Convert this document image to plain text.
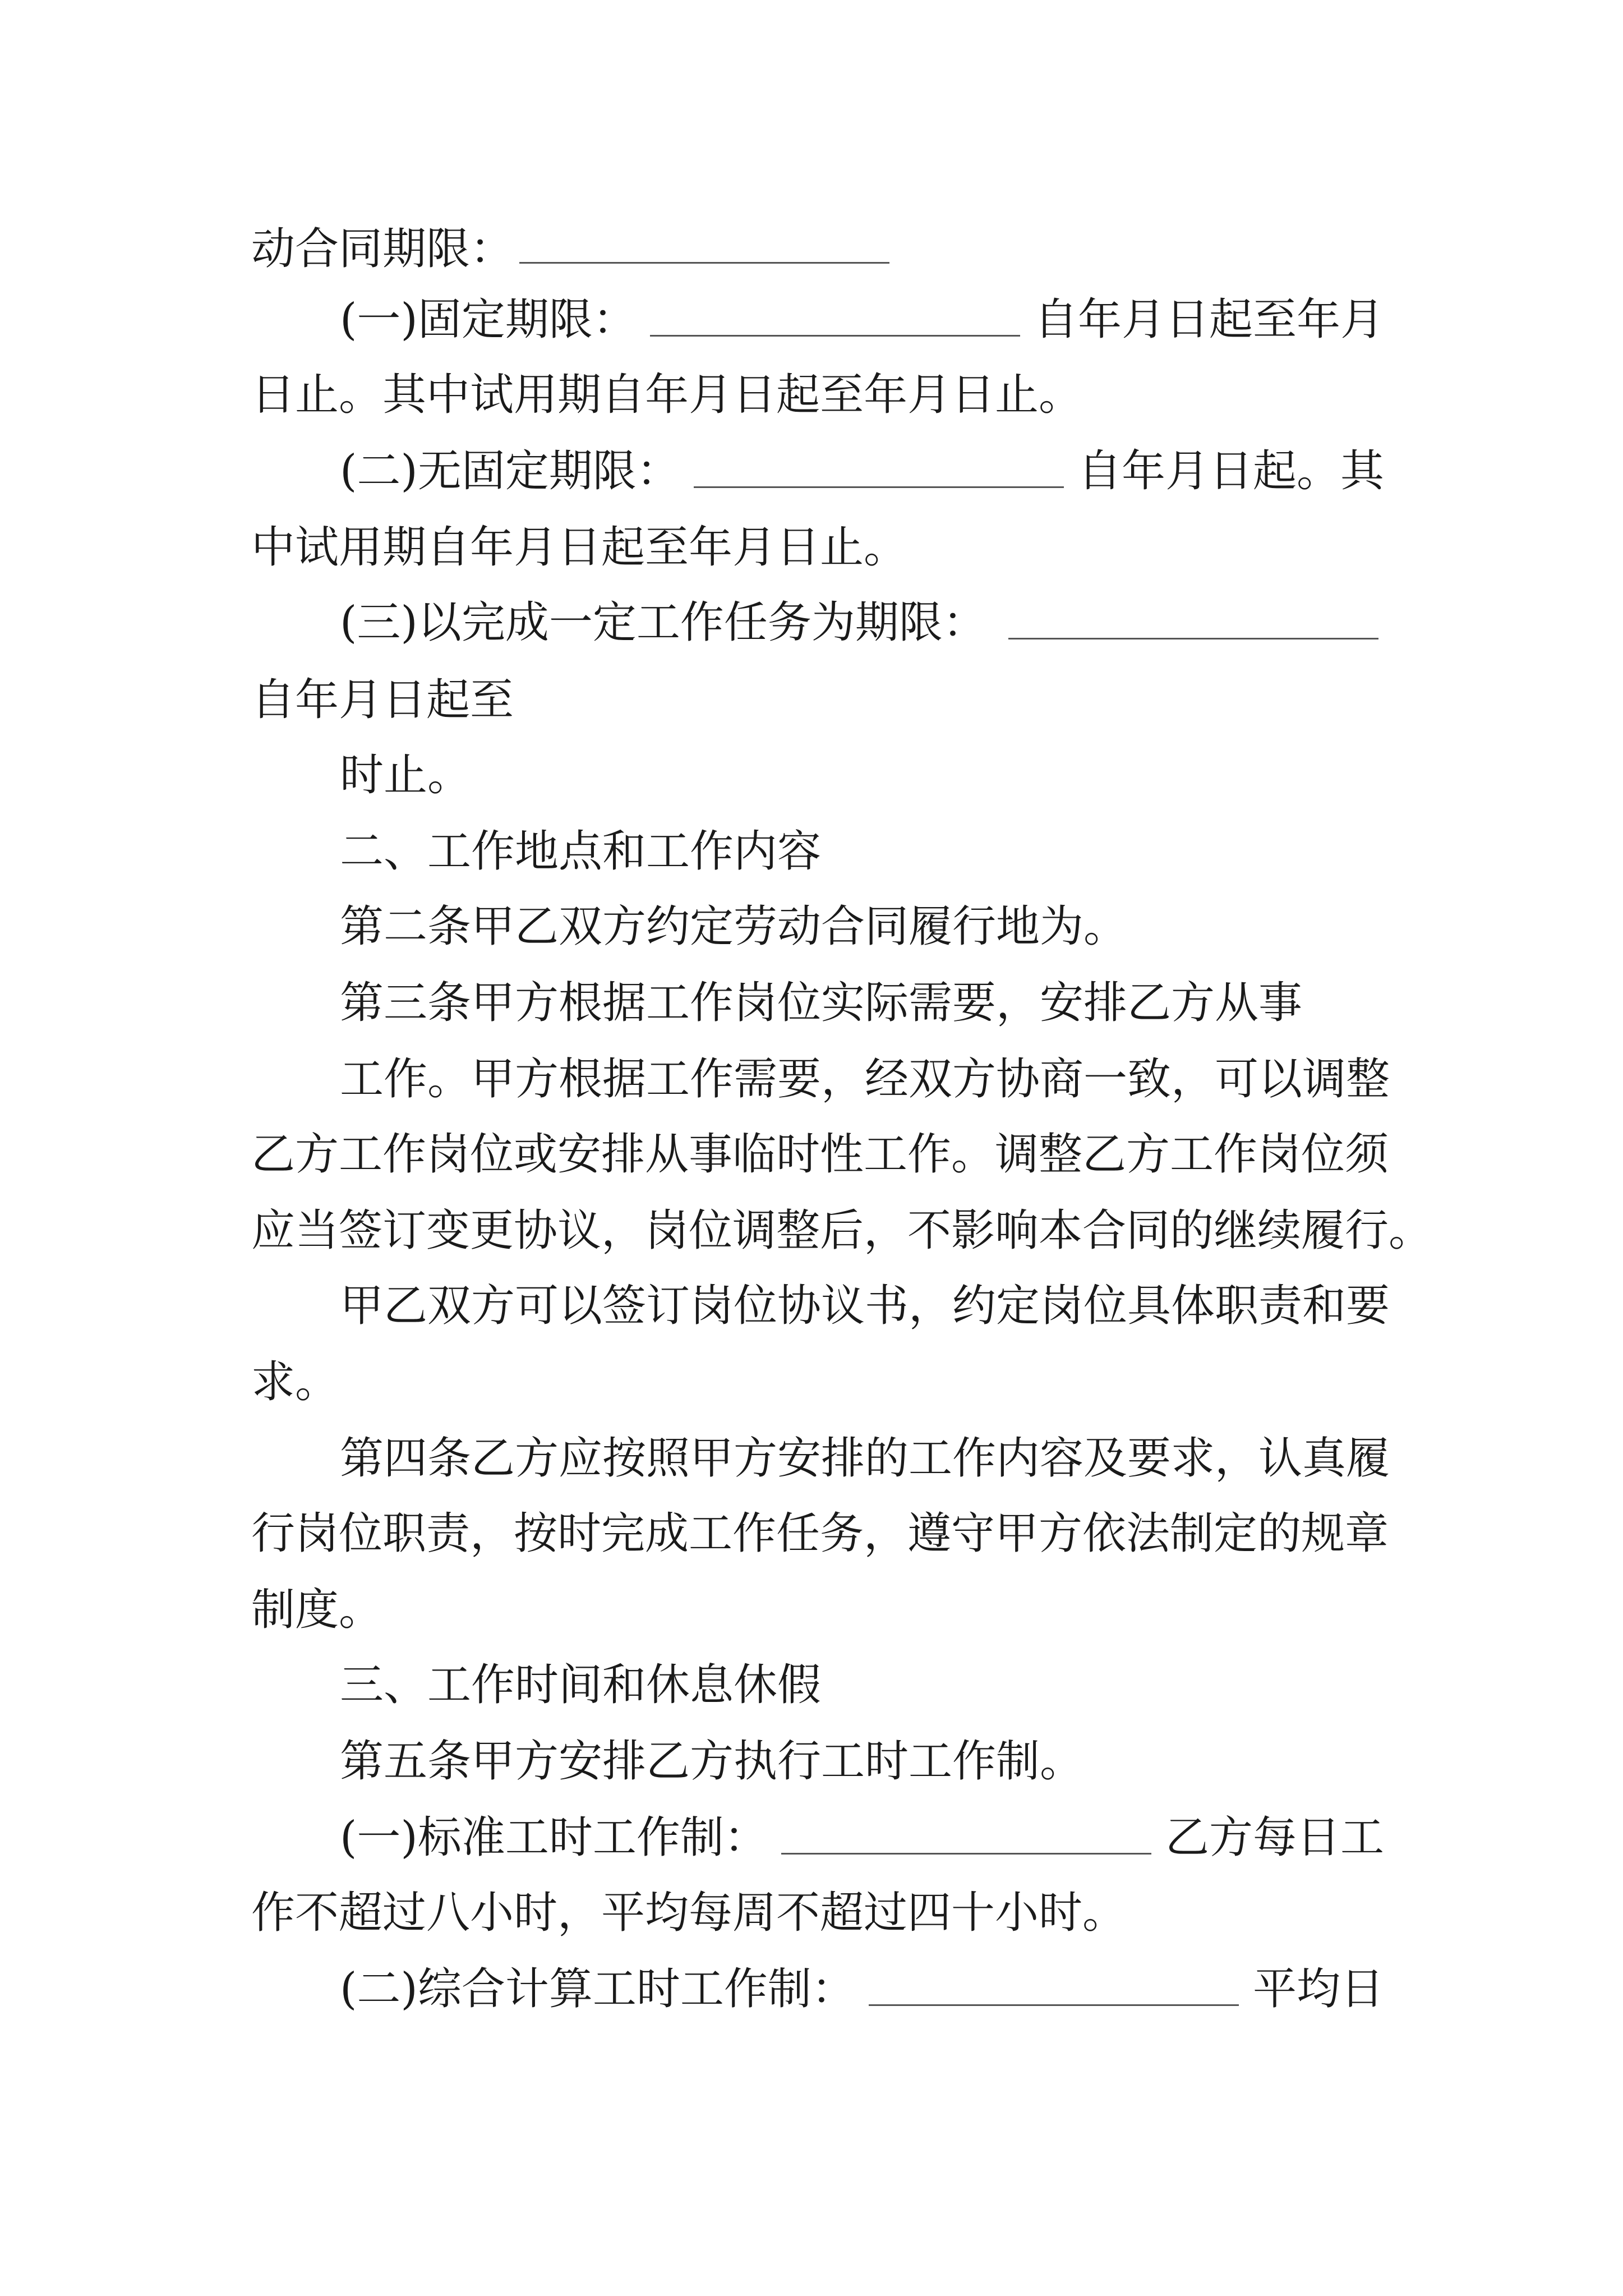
动合同期限：
(一)固定期限：	自年月日起至年月
日止。其中试用期自年月日起至年月日止。
(二)无固定期限：	自年月日起。其
中试用期自年月日起至年月日止。
(三)以完成一定工作任务为期限：
自年月日起至
时止。
二、工作地点和工作内容
第二条甲乙双方约定劳动合同履行地为。
第三条甲方根据工作岗位实际需要，安排乙方从事
工作。甲方根据工作需要，经双方协商一致，可以调整
乙方工作岗位或安排从事临时性工作。调整乙方工作岗位须
应当签订变更协议，岗位调整后，不影响本合同的继续履行。
甲乙双方可以签订岗位协议书，约定岗位具体职责和要
求。
第四条乙方应按照甲方安排的工作内容及要求，认真履
行岗位职责，按时完成工作任务，遵守甲方依法制定的规章
制度。
三、工作时间和休息休假
第五条甲方安排乙方执行工时工作制。
(一)标准工时工作制：	乙方每日工
作不超过八小时，平均每周不超过四十小时。
(二)综合计算工时工作制：	平均日
